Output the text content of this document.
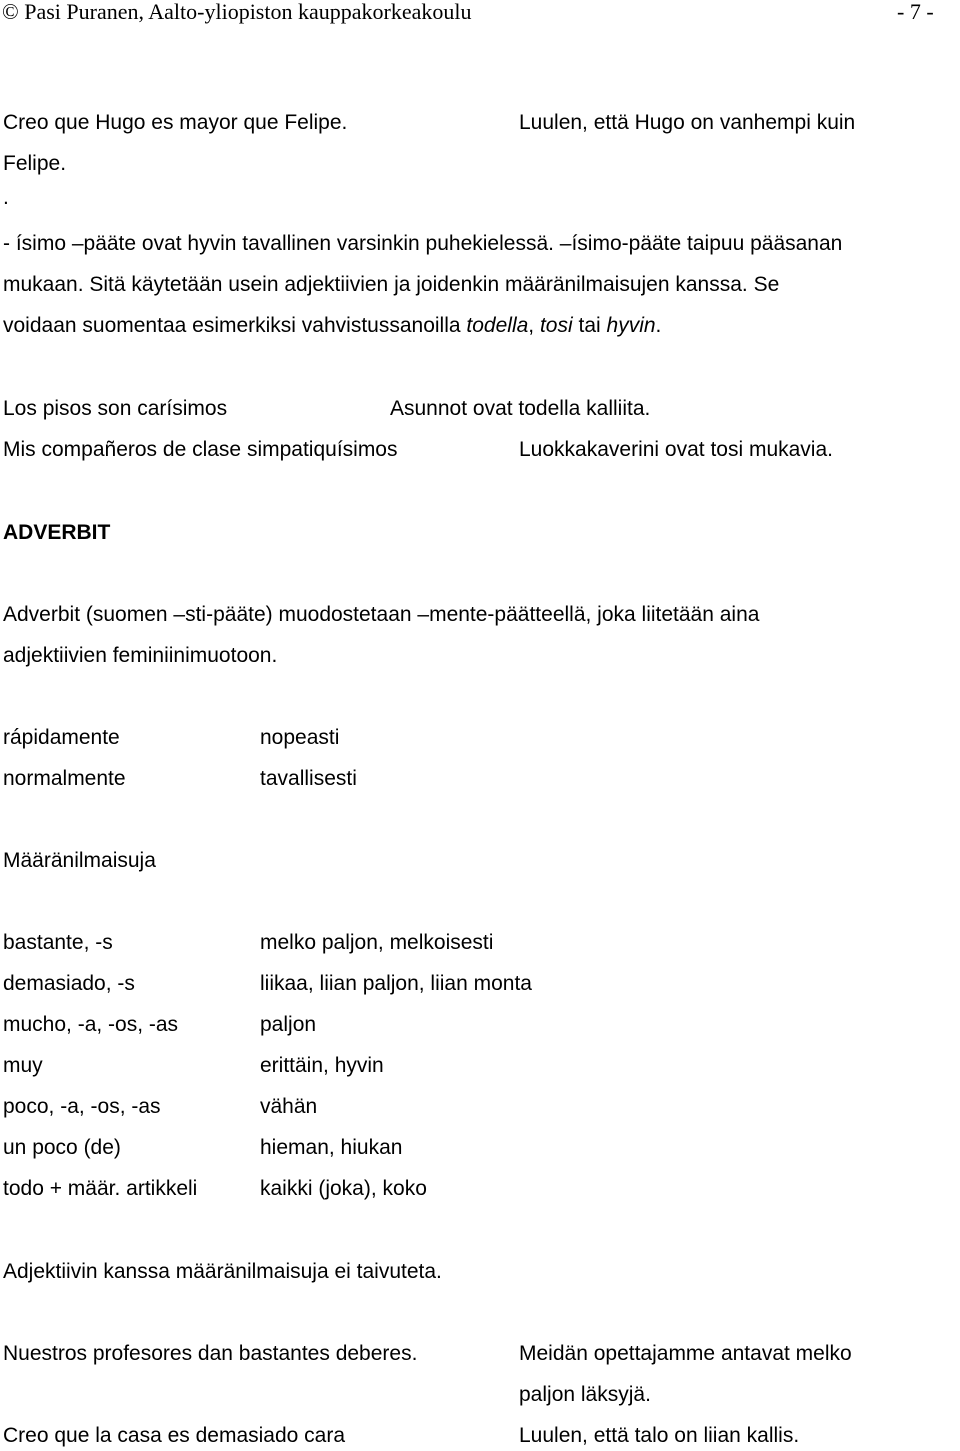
© Pasi Puranen, Aalto-yliopiston kauppakorkeakoulu	- 7 -
Creo que Hugo es mayor que Felipe.	Luulen, että Hugo on vanhempi kuin
Felipe.
.
- ísimo –pääte ovat hyvin tavallinen varsinkin puhekielessä. –ísimo-pääte taipuu pääsanan
mukaan. Sitä käytetään usein adjektiivien ja joidenkin määränilmaisujen kanssa. Se
voidaan suomentaa esimerkiksi vahvistussanoilla todella, tosi tai hyvin.
Los pisos son carísimos	Asunnot ovat todella kalliita.
Mis compañeros de clase simpatiquísimos	Luokkakaverini ovat tosi mukavia.
ADVERBIT
Adverbit (suomen –sti-pääte) muodostetaan –mente-päätteellä, joka liitetään aina
adjektiivien feminiinimuotoon.
rápidamente	nopeasti
normalmente	tavallisesti
Määränilmaisuja
bastante, -s	melko paljon, melkoisesti
demasiado, -s	liikaa, liian paljon, liian monta
mucho, -a, -os, -as	paljon
muy	erittäin, hyvin
poco, -a, -os, -as	vähän
un poco (de)	hieman, hiukan
todo + määr. artikkeli	kaikki (joka), koko
Adjektiivin kanssa määränilmaisuja ei taivuteta.
Nuestros profesores dan bastantes deberes.	Meidän opettajamme antavat melko
paljon läksyjä.
Creo que la casa es demasiado cara	Luulen, että talo on liian kallis.
